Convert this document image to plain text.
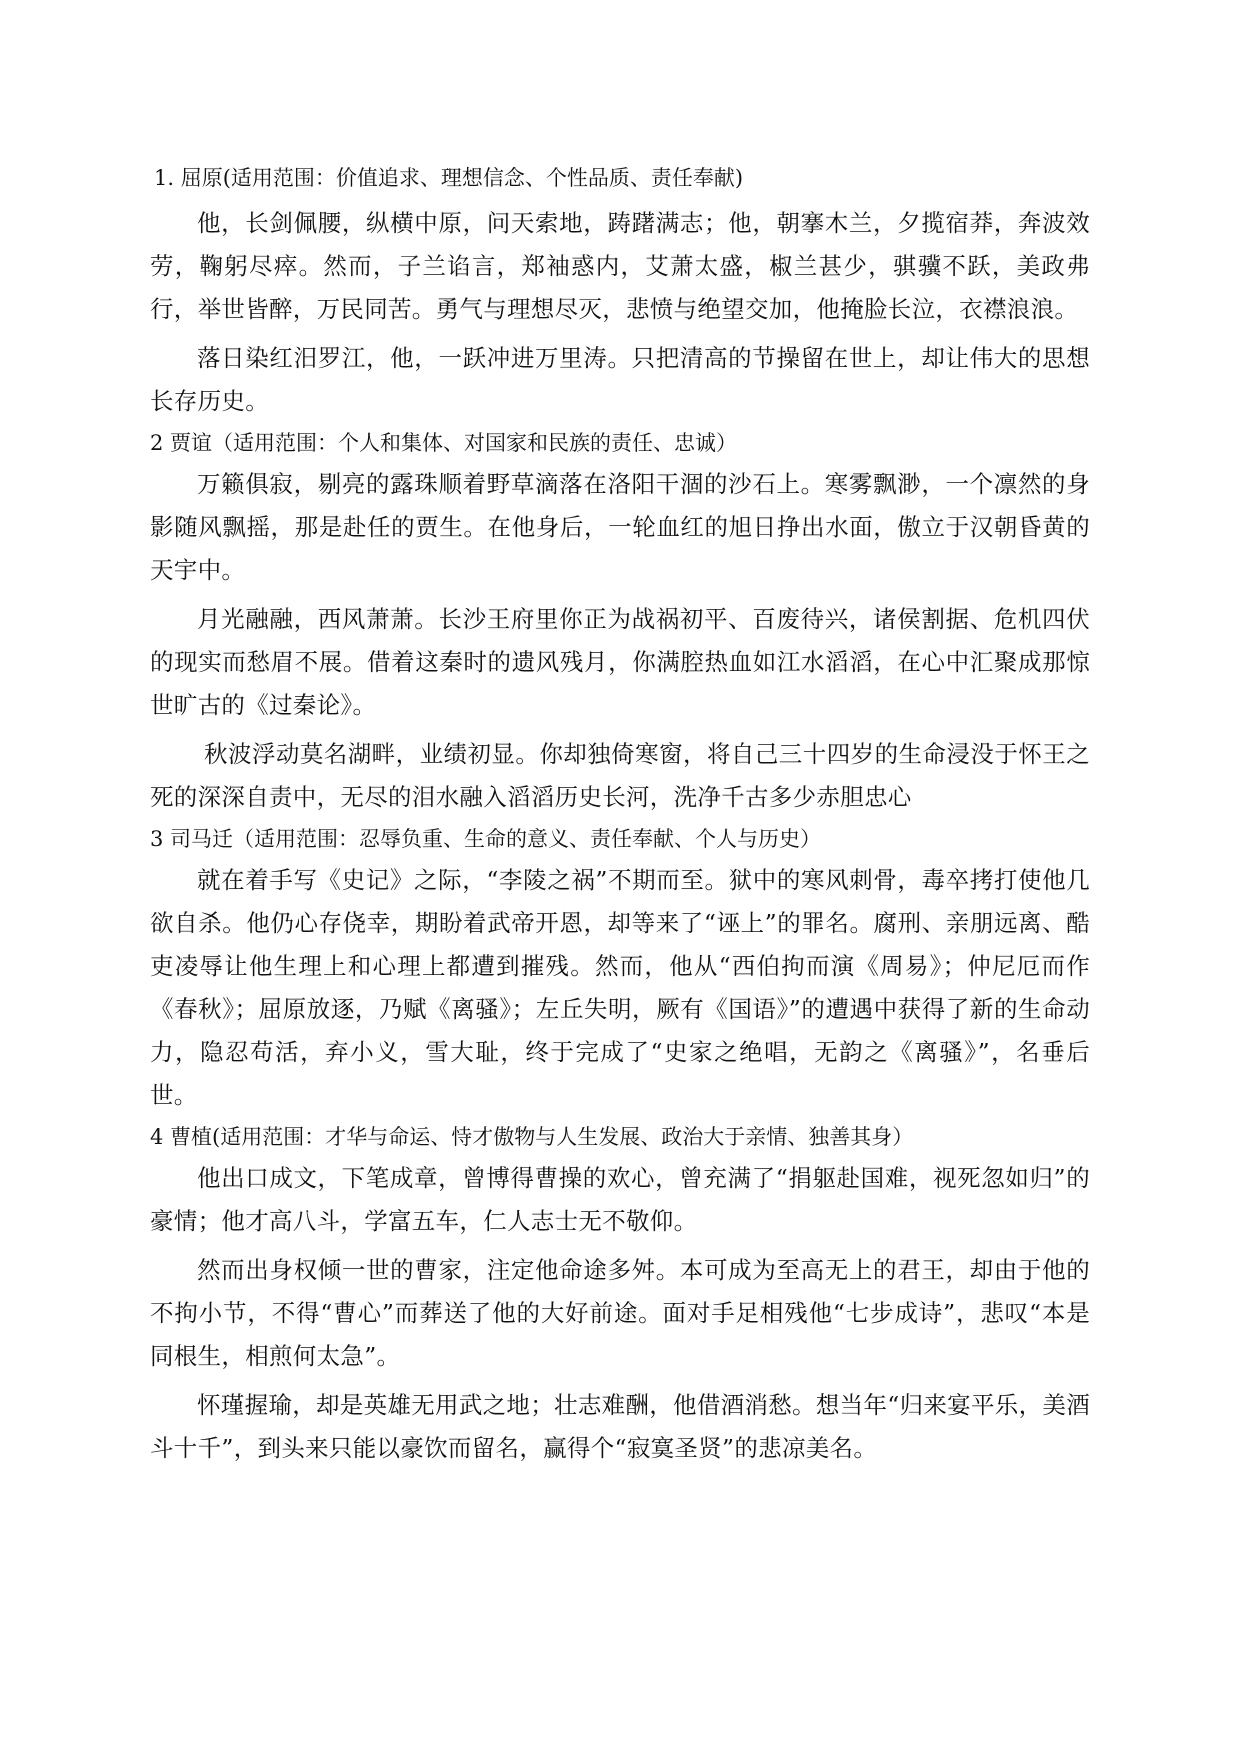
1. 屈原(适用范围：价值追求、理想信念、个性品质、责任奉献)

他，长剑佩腰，纵横中原，问天索地，踌躇满志；他，朝搴木兰，夕揽宿莽，奔波效劳，鞠躬尽瘁。然而，子兰谄言，郑袖惑内，艾萧太盛，椒兰甚少，骐骥不跃，美政弗行，举世皆醉，万民同苦。勇气与理想尽灭，悲愤与绝望交加，他掩脸长泣，衣襟浪浪。

落日染红汨罗江，他，一跃冲进万里涛。只把清高的节操留在世上，却让伟大的思想长存历史。

2 贾谊（适用范围：个人和集体、对国家和民族的责任、忠诚）

万籁俱寂，剔亮的露珠顺着野草滴落在洛阳干涸的沙石上。寒雾飘渺，一个凛然的身影随风飘摇，那是赴任的贾生。在他身后，一轮血红的旭日挣出水面，傲立于汉朝昏黄的天宇中。

月光融融，西风萧萧。长沙王府里你正为战祸初平、百废待兴，诸侯割据、危机四伏的现实而愁眉不展。借着这秦时的遗风残月，你满腔热血如江水滔滔，在心中汇聚成那惊世旷古的《过秦论》。

秋波浮动莫名湖畔，业绩初显。你却独倚寒窗，将自己三十四岁的生命浸没于怀王之死的深深自责中，无尽的泪水融入滔滔历史长河，洗净千古多少赤胆忠心

3 司马迁（适用范围：忍辱负重、生命的意义、责任奉献、个人与历史）

就在着手写《史记》之际，“李陵之祸”不期而至。狱中的寒风刺骨，毒卒拷打使他几欲自杀。他仍心存侥幸，期盼着武帝开恩，却等来了“诬上”的罪名。腐刑、亲朋远离、酷吏凌辱让他生理上和心理上都遭到摧残。然而，他从“西伯拘而演《周易》；仲尼厄而作《春秋》；屈原放逐，乃赋《离骚》；左丘失明，厥有《国语》”的遭遇中获得了新的生命动力，隐忍苟活，弃小义，雪大耻，终于完成了“史家之绝唱，无韵之《离骚》”，名垂后世。

4 曹植(适用范围：才华与命运、恃才傲物与人生发展、政治大于亲情、独善其身）

他出口成文，下笔成章，曾博得曹操的欢心，曾充满了“捐躯赴国难，视死忽如归”的豪情；他才高八斗，学富五车，仁人志士无不敬仰。

然而出身权倾一世的曹家，注定他命途多舛。本可成为至高无上的君王，却由于他的不拘小节，不得“曹心”而葬送了他的大好前途。面对手足相残他“七步成诗”，悲叹“本是同根生，相煎何太急”。

怀瑾握瑜，却是英雄无用武之地；壮志难酬，他借酒消愁。想当年“归来宴平乐，美酒斗十千”，到头来只能以豪饮而留名，赢得个“寂寞圣贤”的悲凉美名。
